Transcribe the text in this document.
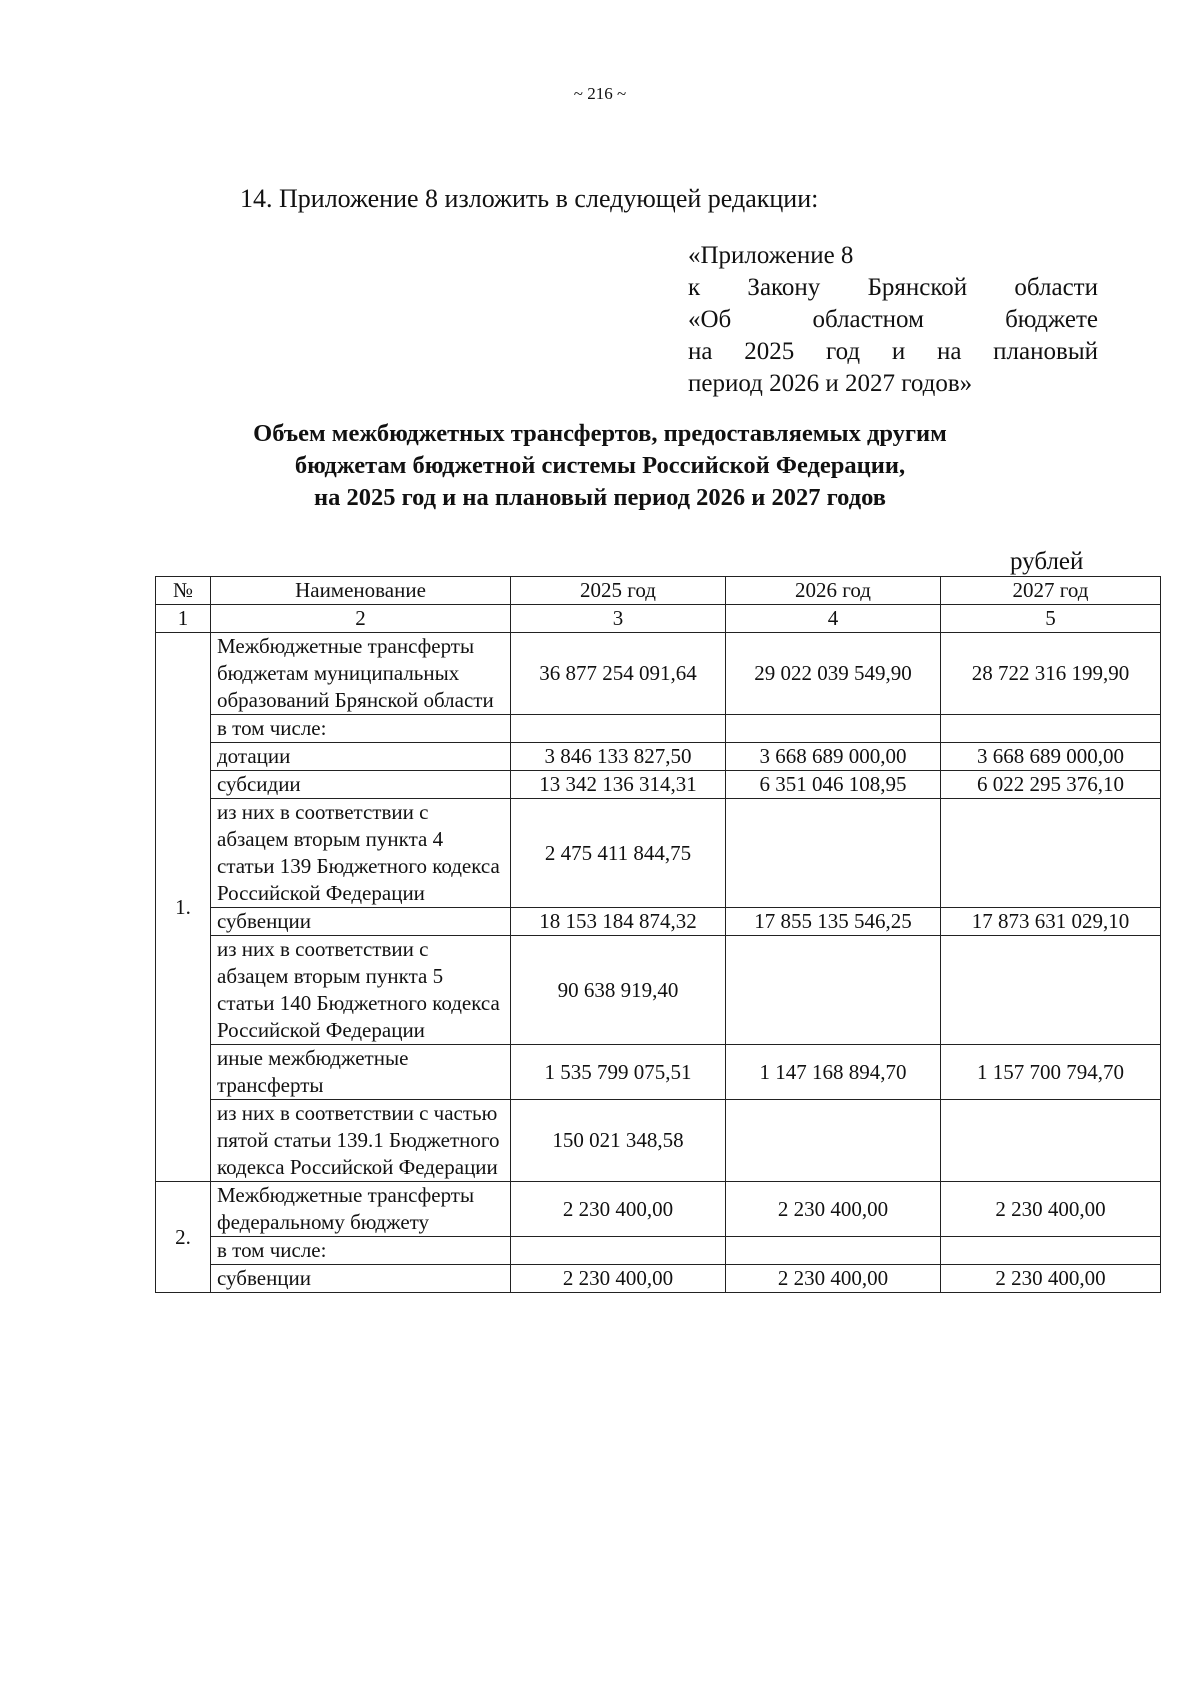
~ 216 ~
14. Приложение 8 изложить в следующей редакции:
«Приложение 8
к Закону Брянской области
«Об областном бюджете
на 2025 год и на плановый
период 2026 и 2027 годов»
Объем межбюджетных трансфертов, предоставляемых другим
бюджетам бюджетной системы Российской Федерации,
на 2025 год и на плановый период 2026 и 2027 годов
рублей
№	Наименование	2025 год	2026 год	2027 год
1	2	3	4	5
1.	Межбюджетные трансферты бюджетам муниципальных образований Брянской области	36 877 254 091,64	29 022 039 549,90	28 722 316 199,90
	в том числе:			
	дотации	3 846 133 827,50	3 668 689 000,00	3 668 689 000,00
	субсидии	13 342 136 314,31	6 351 046 108,95	6 022 295 376,10
	из них в соответствии с абзацем вторым пункта 4 статьи 139 Бюджетного кодекса Российской Федерации	2 475 411 844,75		
	субвенции	18 153 184 874,32	17 855 135 546,25	17 873 631 029,10
	из них в соответствии с абзацем вторым пункта 5 статьи 140 Бюджетного кодекса Российской Федерации	90 638 919,40		
	иные межбюджетные трансферты	1 535 799 075,51	1 147 168 894,70	1 157 700 794,70
	из них в соответствии с частью пятой статьи 139.1 Бюджетного кодекса Российской Федерации	150 021 348,58		
2.	Межбюджетные трансферты федеральному бюджету	2 230 400,00	2 230 400,00	2 230 400,00
	в том числе:			
	субвенции	2 230 400,00	2 230 400,00	2 230 400,00
